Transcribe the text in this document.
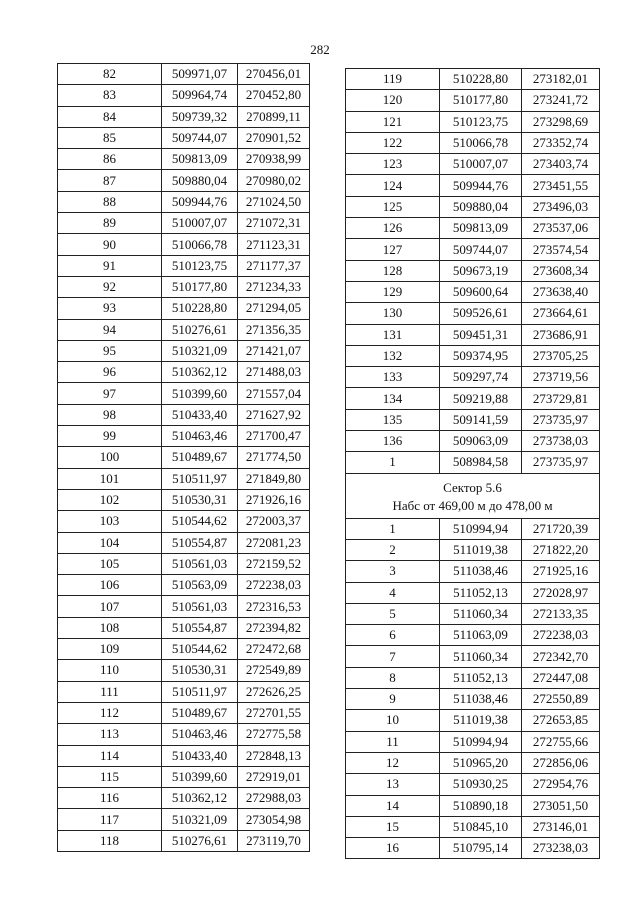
282
82	509971,07	270456,01
83	509964,74	270452,80
84	509739,32	270899,11
85	509744,07	270901,52
86	509813,09	270938,99
87	509880,04	270980,02
88	509944,76	271024,50
89	510007,07	271072,31
90	510066,78	271123,31
91	510123,75	271177,37
92	510177,80	271234,33
93	510228,80	271294,05
94	510276,61	271356,35
95	510321,09	271421,07
96	510362,12	271488,03
97	510399,60	271557,04
98	510433,40	271627,92
99	510463,46	271700,47
100	510489,67	271774,50
101	510511,97	271849,80
102	510530,31	271926,16
103	510544,62	272003,37
104	510554,87	272081,23
105	510561,03	272159,52
106	510563,09	272238,03
107	510561,03	272316,53
108	510554,87	272394,82
109	510544,62	272472,68
110	510530,31	272549,89
111	510511,97	272626,25
112	510489,67	272701,55
113	510463,46	272775,58
114	510433,40	272848,13
115	510399,60	272919,01
116	510362,12	272988,03
117	510321,09	273054,98
118	510276,61	273119,70
119	510228,80	273182,01
120	510177,80	273241,72
121	510123,75	273298,69
122	510066,78	273352,74
123	510007,07	273403,74
124	509944,76	273451,55
125	509880,04	273496,03
126	509813,09	273537,06
127	509744,07	273574,54
128	509673,19	273608,34
129	509600,64	273638,40
130	509526,61	273664,61
131	509451,31	273686,91
132	509374,95	273705,25
133	509297,74	273719,56
134	509219,88	273729,81
135	509141,59	273735,97
136	509063,09	273738,03
1	508984,58	273735,97

Сектор 5.6
Набс от 469,00 м до 478,00 м		

1	510994,94	271720,39
2	511019,38	271822,20
3	511038,46	271925,16
4	511052,13	272028,97
5	511060,34	272133,35
6	511063,09	272238,03
7	511060,34	272342,70
8	511052,13	272447,08
9	511038,46	272550,89
10	511019,38	272653,85
11	510994,94	272755,66
12	510965,20	272856,06
13	510930,25	272954,76
14	510890,18	273051,50
15	510845,10	273146,01
16	510795,14	273238,03
